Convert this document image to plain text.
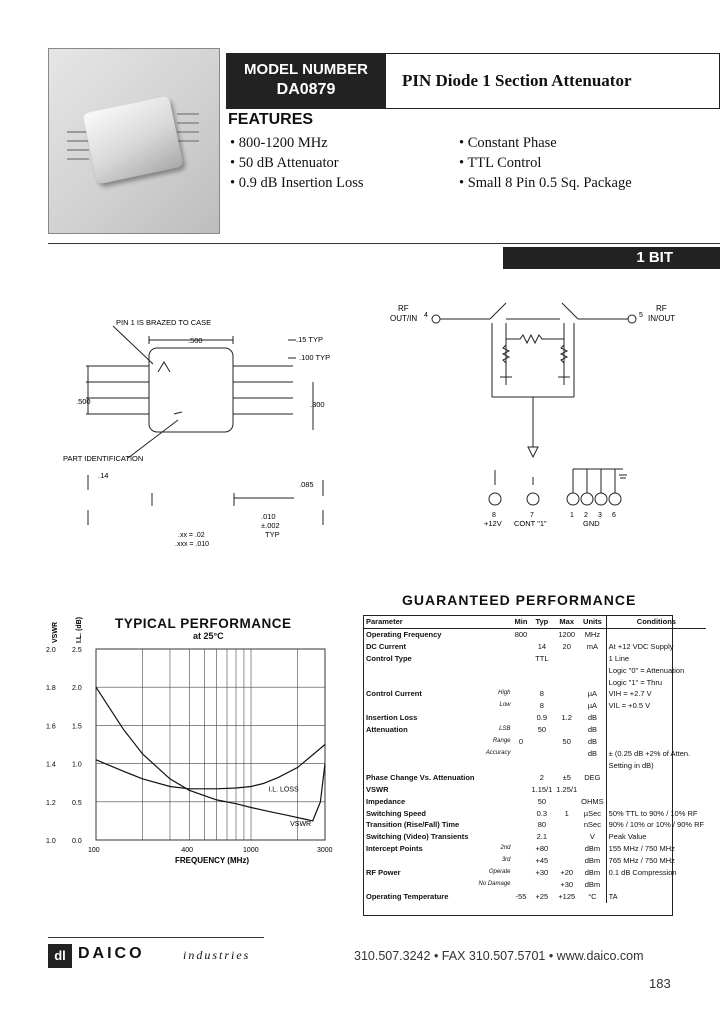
MODEL NUMBER
DA0879	PIN Diode 1 Section Attenuator
FEATURES
• 800-1200 MHz
• 50 dB Attenuator
• 0.9 dB Insertion Loss
• Constant Phase
• TTL Control
• Small 8 Pin 0.5 Sq. Package
1 BIT
PIN 1 IS BRAZED TO CASE
.500	.15 TYP
.100 TYP
.500	.300
PART IDENTIFICATION
.14
.085
.010
±.002
TYP
.xx = .02
.xxx = .010
RF
OUT/IN 4	5
RF
IN/OUT
8	7	1 2 3 6
+12V CONT "1"	GND
TYPICAL PERFORMANCE
at 25°C
VSWR I.L. (dB)
1.0
1.2
1.4
1.6
1.8
2.0
0.0
0.5
1.0
1.5
2.0
2.5
100	400	1000	3000
I.L. LOSS
VSWR
FREQUENCY (MHz)
GUARANTEED PERFORMANCE
Parameter		Min	Typ	Max	Units	Conditions
Operating Frequency		800		1200	MHz	
DC Current			14	20	mA	At +12 VDC Supply
Control Type			TTL			1 Line
						Logic "0" = Attenuation
						Logic "1" = Thru
Control Current	High		8		µA	VIH = +2.7 V
	Low		8		µA	VIL = +0.5 V
Insertion Loss			0.9	1.2	dB	
Attenuation	LSB		50		dB	
	Range	0		50	dB	
	Accuracy				dB	± (0.25 dB +2% of Atten.
						Setting in dB)
Phase Change Vs. Attenuation			2	±5	DEG	
VSWR			1.15/1	1.25/1		
Impedance			50		OHMS	
Switching Speed			0.3	1	µSec	50% TTL to 90% / 10% RF
Transition (Rise/Fall) Time			80		nSec	90% / 10% or 10% / 90% RF
Switching (Video) Transients			2.1		V	Peak Value
Intercept Points	2nd		+80		dBm	155 MHz / 750 MHz
	3rd		+45		dBm	765 MHz / 750 MHz
RF Power	Operate		+30	+20	dBm	0.1 dB Compression
	No Damage			+30	dBm	
Operating Temperature		-55	+25	+125	°C	TA
dl DAICO	industries	310.507.3242 • FAX 310.507.5701 • www.daico.com
183
